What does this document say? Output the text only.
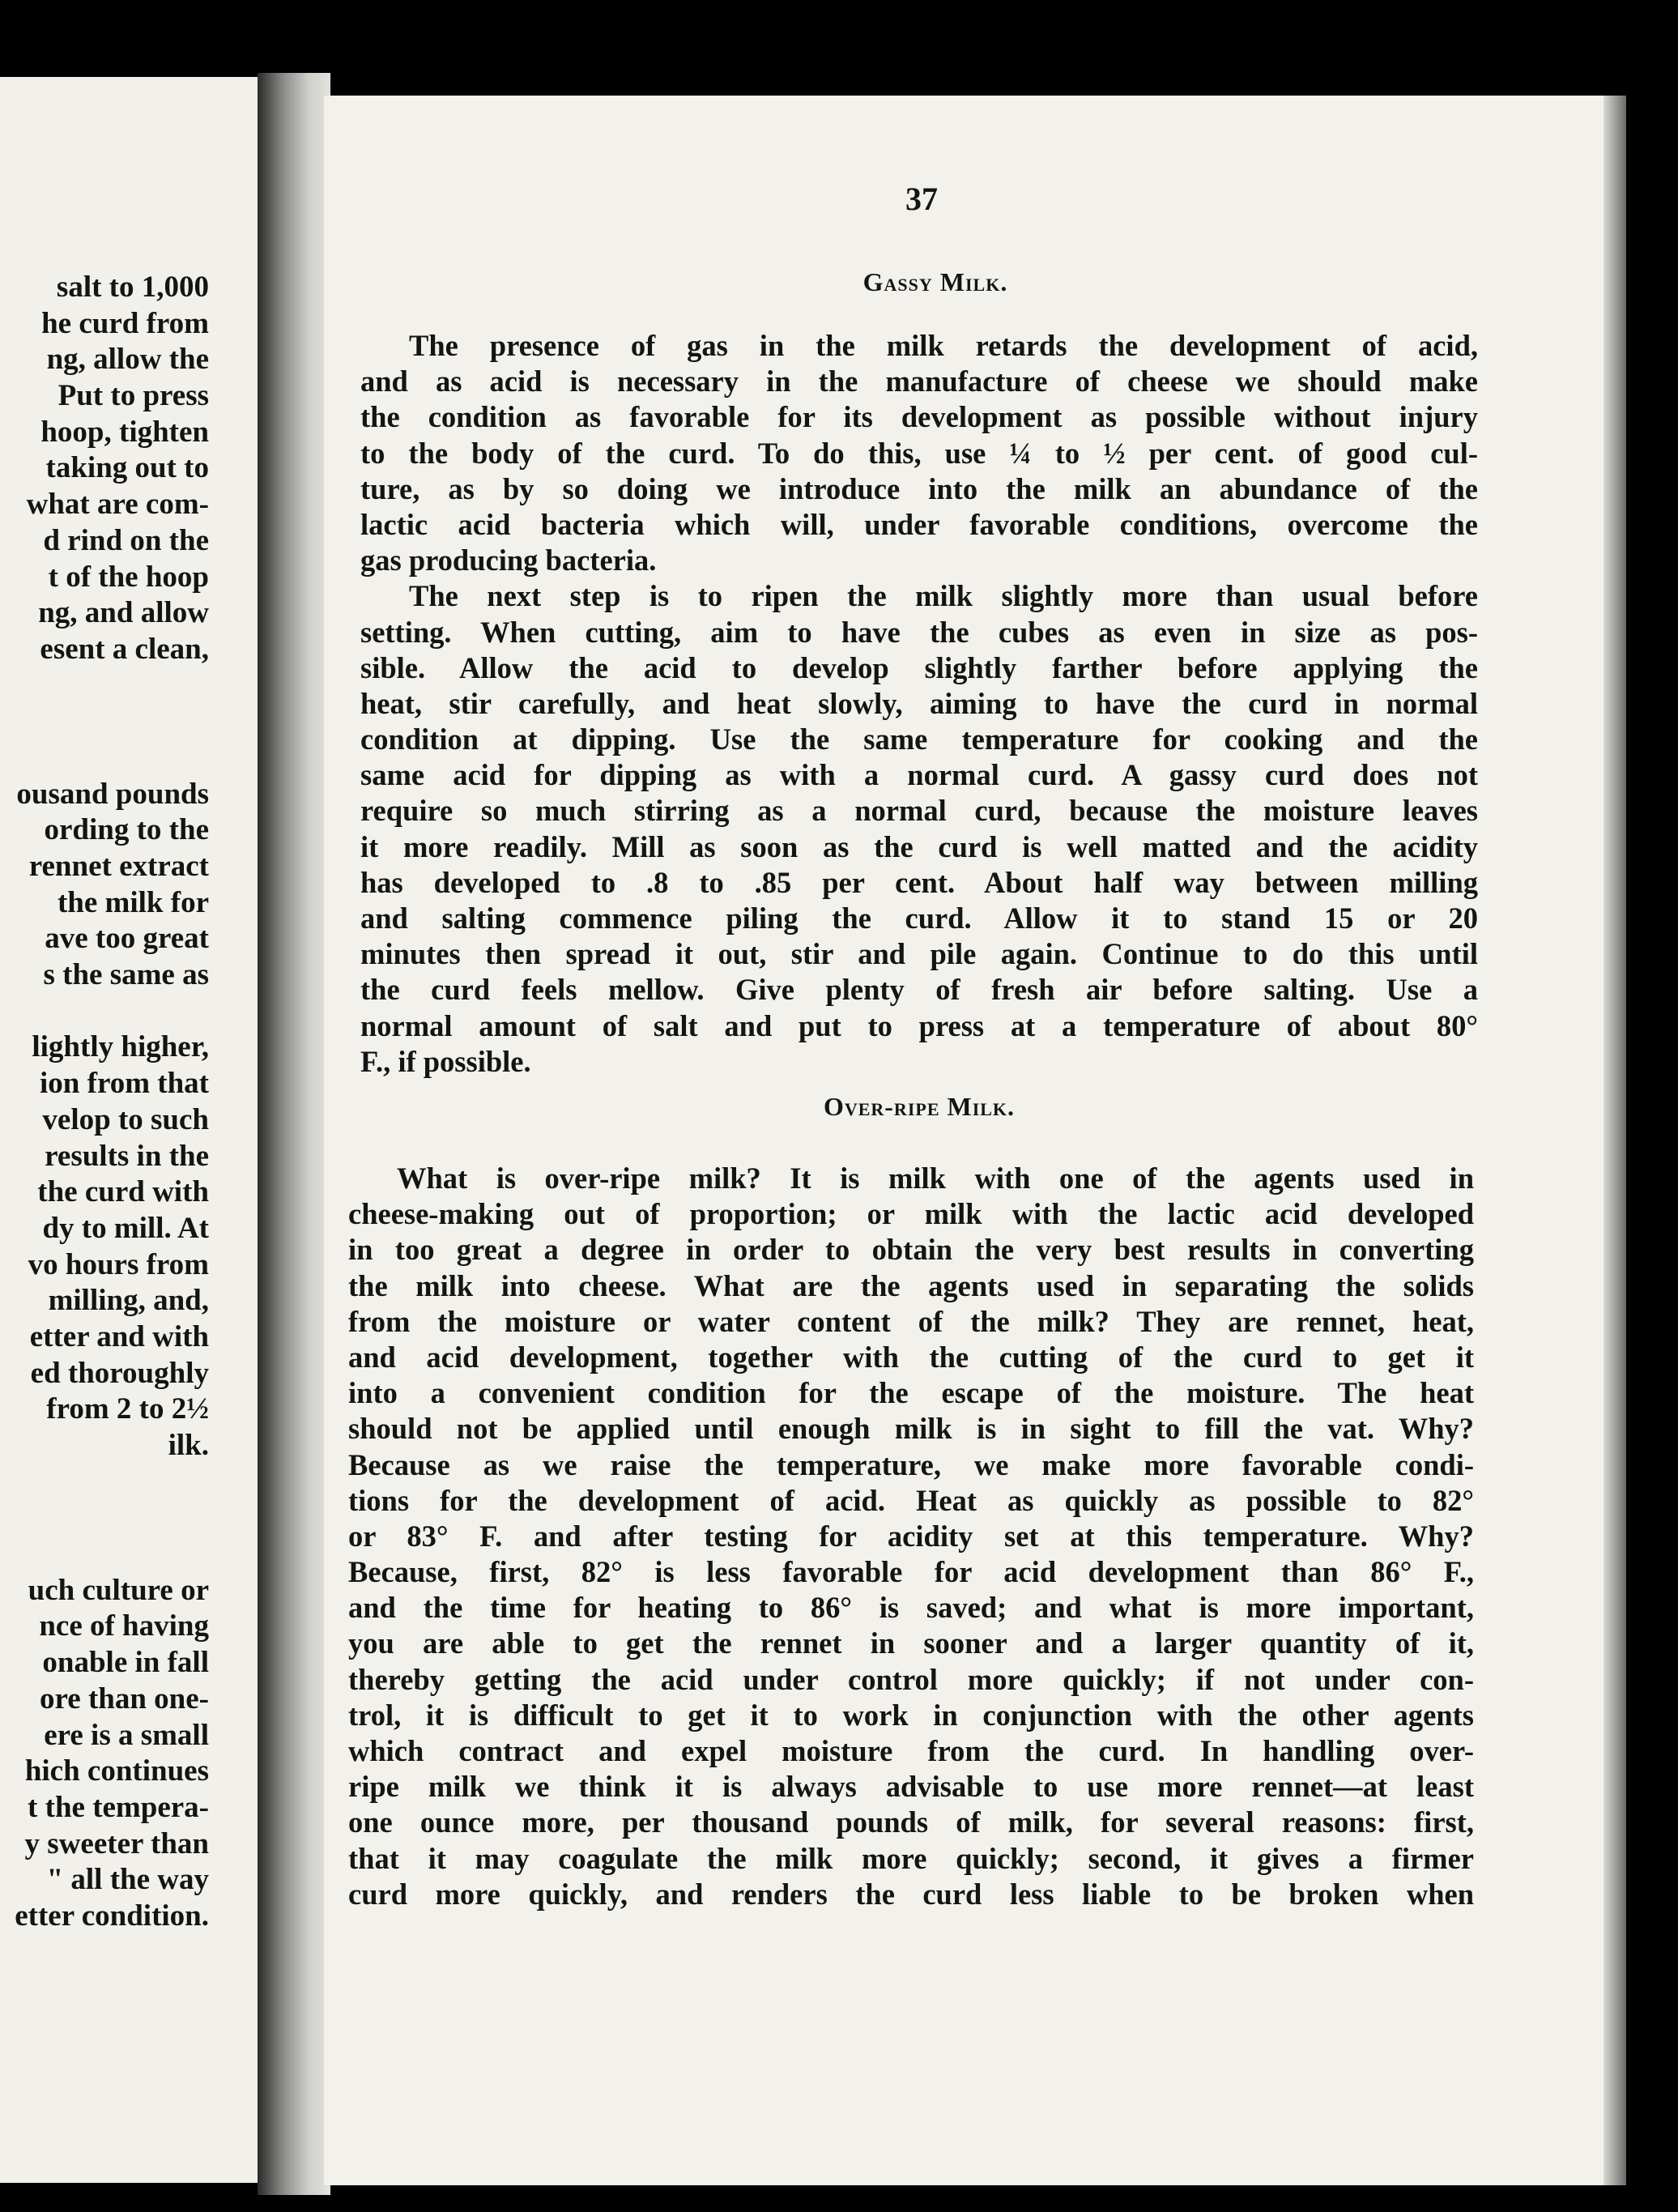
salt to 1,000
he curd from
ng, allow the
Put to press
hoop, tighten
taking out to
what are com-
d rind on the
t of the hoop
ng, and allow
esent a clean,
ousand pounds
ording to the
rennet extract
the milk for
ave too great
s the same as
lightly higher,
ion from that
velop to such
results in the
the curd with
dy to mill. At
vo hours from
milling, and,
etter and with
ed thoroughly
from 2 to 2½
ilk.
uch culture or
nce of having
onable in fall
ore than one-
ere is a small
hich continues
t the tempera-
y sweeter than
" all the way
etter condition.
37
Gassy Milk.
The presence of gas in the milk retards the development of acid,
and as acid is necessary in the manufacture of cheese we should make
the condition as favorable for its development as possible without injury
to the body of the curd. To do this, use ¼ to ½ per cent. of good cul-
ture, as by so doing we introduce into the milk an abundance of the
lactic acid bacteria which will, under favorable conditions, overcome the
gas producing bacteria.
The next step is to ripen the milk slightly more than usual before
setting. When cutting, aim to have the cubes as even in size as pos-
sible. Allow the acid to develop slightly farther before applying the
heat, stir carefully, and heat slowly, aiming to have the curd in normal
condition at dipping. Use the same temperature for cooking and the
same acid for dipping as with a normal curd. A gassy curd does not
require so much stirring as a normal curd, because the moisture leaves
it more readily. Mill as soon as the curd is well matted and the acidity
has developed to .8 to .85 per cent. About half way between milling
and salting commence piling the curd. Allow it to stand 15 or 20
minutes then spread it out, stir and pile again. Continue to do this until
the curd feels mellow. Give plenty of fresh air before salting. Use a
normal amount of salt and put to press at a temperature of about 80°
F., if possible.
Over-ripe Milk.
What is over-ripe milk? It is milk with one of the agents used in
cheese-making out of proportion; or milk with the lactic acid developed
in too great a degree in order to obtain the very best results in converting
the milk into cheese. What are the agents used in separating the solids
from the moisture or water content of the milk? They are rennet, heat,
and acid development, together with the cutting of the curd to get it
into a convenient condition for the escape of the moisture. The heat
should not be applied until enough milk is in sight to fill the vat. Why?
Because as we raise the temperature, we make more favorable condi-
tions for the development of acid. Heat as quickly as possible to 82°
or 83° F. and after testing for acidity set at this temperature. Why?
Because, first, 82° is less favorable for acid development than 86° F.,
and the time for heating to 86° is saved; and what is more important,
you are able to get the rennet in sooner and a larger quantity of it,
thereby getting the acid under control more quickly; if not under con-
trol, it is difficult to get it to work in conjunction with the other agents
which contract and expel moisture from the curd. In handling over-
ripe milk we think it is always advisable to use more rennet—at least
one ounce more, per thousand pounds of milk, for several reasons: first,
that it may coagulate the milk more quickly; second, it gives a firmer
curd more quickly, and renders the curd less liable to be broken when
